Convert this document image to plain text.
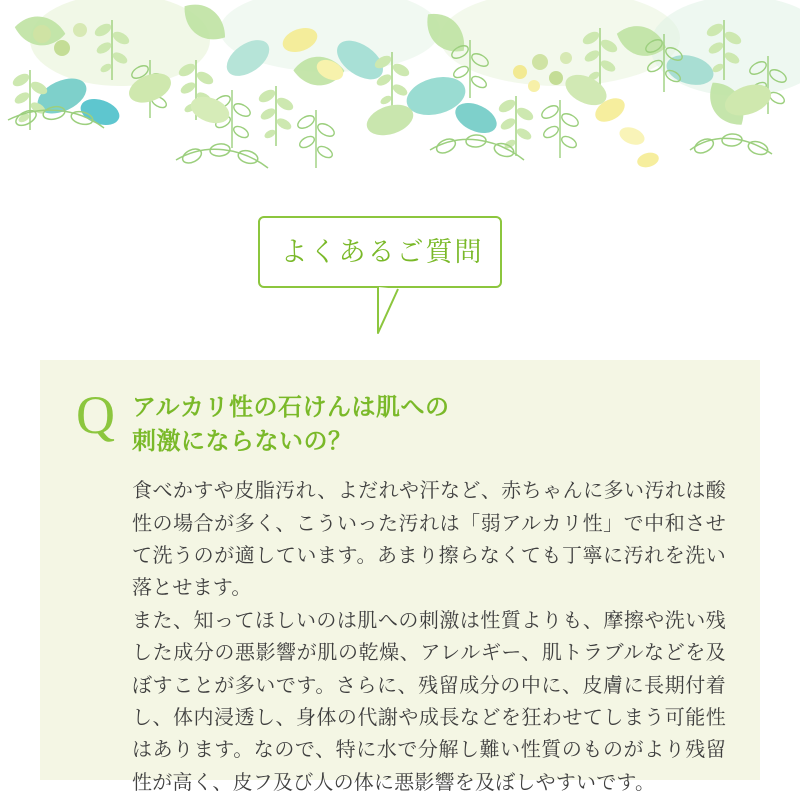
よくあるご質問
Q アルカリ性の石けんは肌への
刺激にならないの？

食べかすや皮脂汚れ、よだれや汗など、赤ちゃんに多い汚れは酸性の場合が多く、こういった汚れは「弱アルカリ性」で中和させて洗うのが適しています。あまり擦らなくても丁寧に汚れを洗い落とせます。

また、知ってほしいのは肌への刺激は性質よりも、摩擦や洗い残した成分の悪影響が肌の乾燥、アレルギー、肌トラブルなどを及ぼすことが多いです。さらに、残留成分の中に、皮膚に長期付着し、体内浸透し、身体の代謝や成長などを狂わせてしまう可能性はあります。なので、特に水で分解し難い性質のものがより残留性が高く、皮フ及び人の体に悪影響を及ぼしやすいです。
